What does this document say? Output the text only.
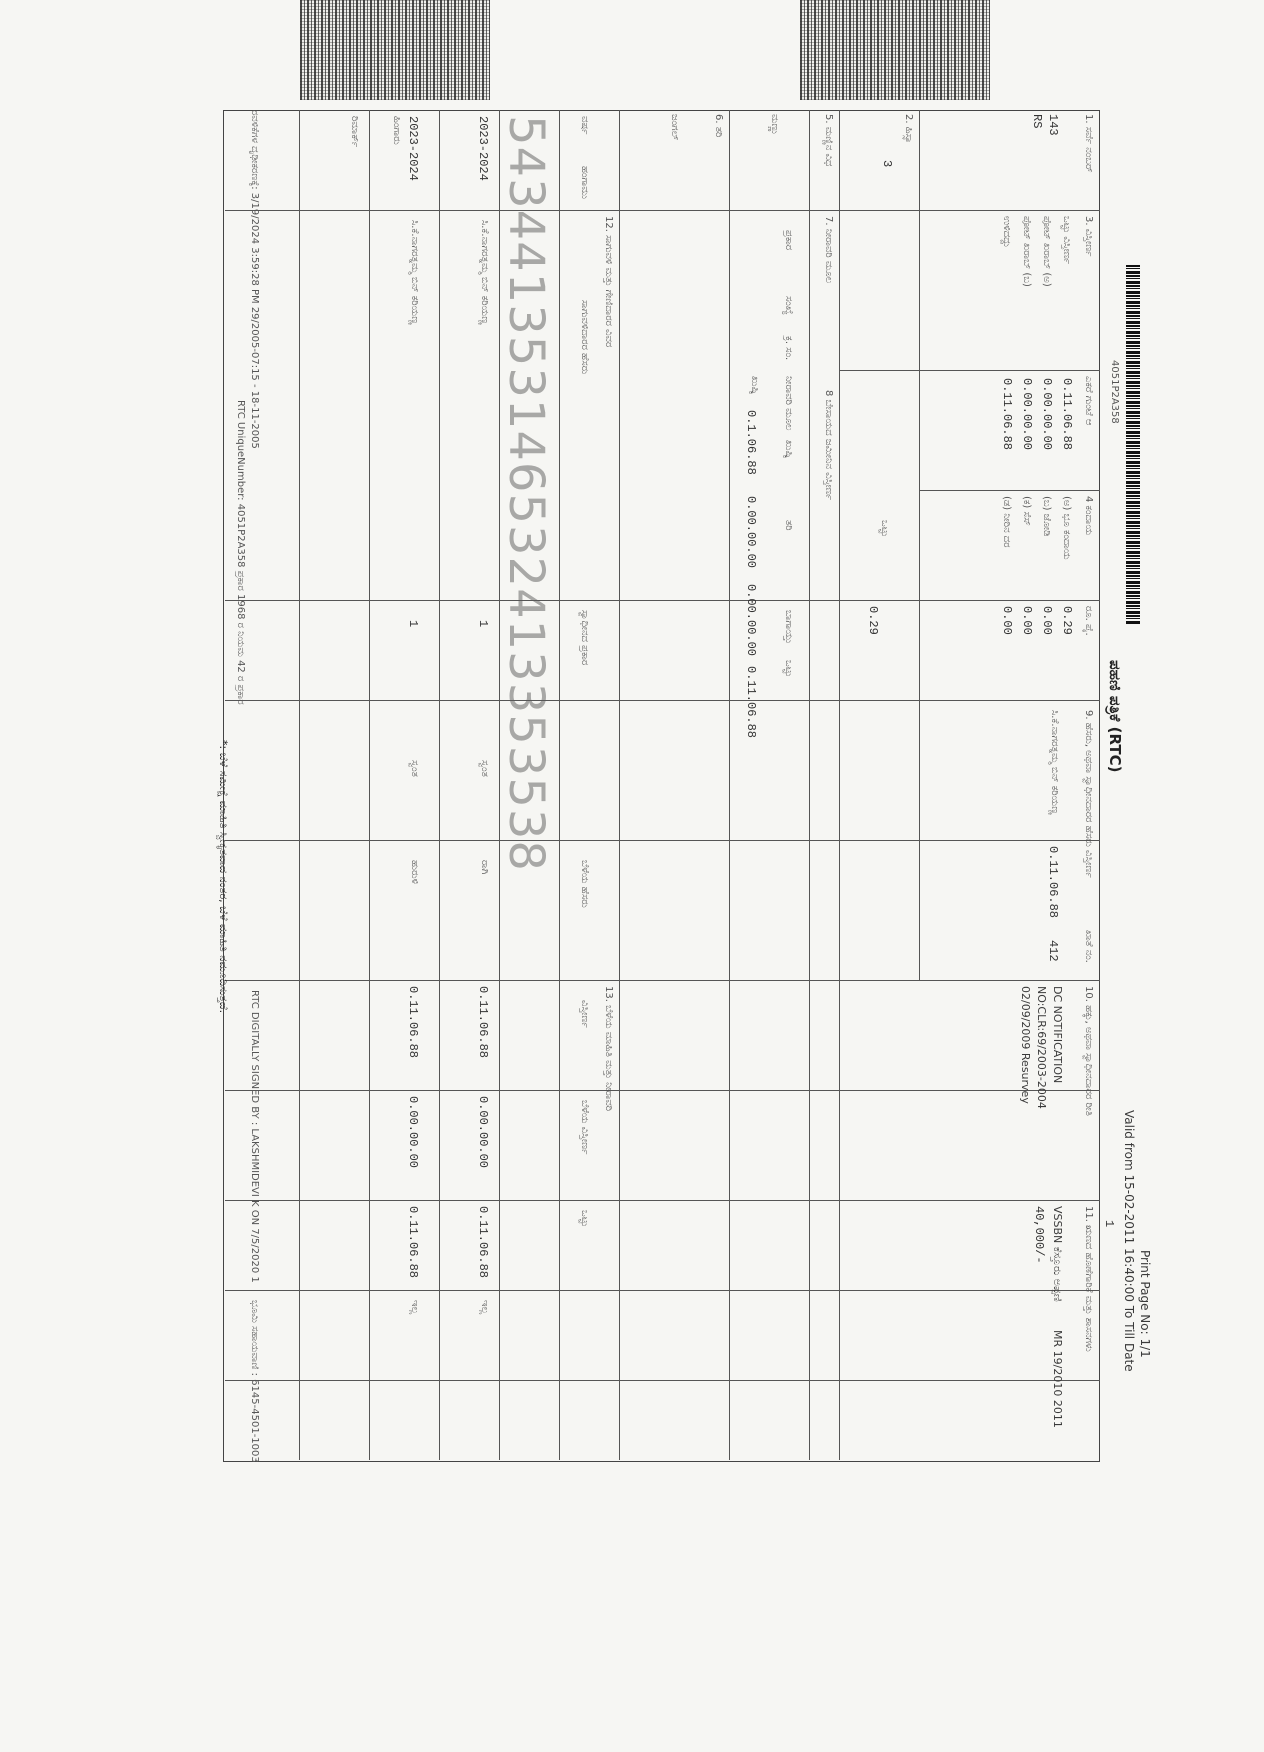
ಪಹಣಿ ಪತ್ರಿಕೆ (RTC)
4051P2A358
Print Page No: 1/1
Valid from 15-02-2011 16:40:00 To Till Date
1
1. ಸರ್ವೆ ನಂಬರ್
143
RS
2. ಹಿಸ್ಸಾ
3
5. ಮಣ್ಣಿನ ವಿಧ
ಮಣ್ಣು
6. ತರಿ
ಜಂಗಲ್
3. ವಿಸ್ತೀರ್ಣ
ಎಕರೆ ಗುಂಟೆ ಆ
ಒಟ್ಟು ವಿಸ್ತೀರ್ಣ
0.11.06.88
ಪೋಟ್ ಖರಾಬ್ (ಅ)
0.00.00.00
ಪೋಟ್ ಖರಾಬ್ (ಬ)
0.00.00.00
ಉಳಿದದ್ದು
0.11.06.88
4 ಕಂದಾಯ
ರೂ. ಪೈ.
(ಅ) ಭೂ ಕಂದಾಯ
0.29
(ಬ) ಜೋಡಿ
0.00
(ಕ) ಸೆಸ್
0.00
(ಡ) ನೀರಿನ ದರ
0.00
ಒಟ್ಟು
0.29
7. ನೀರಾವರಿ ಮೂಲ
8 ಬೇಸಾಯದ ಜಮೀನಿನ ವಿಸ್ತೀರ್ಣ
ಪ್ರಕಾರ
ಸಂಖ್ಯೆ
ಕ್ರ. ಸಂ.
ನೀರಾವರಿ ಮೂಲ
ಖುಷ್ಕಿ
ತರಿ
ಬಾಗಾಯ್ತು
ಒಟ್ಟು
ಖುಷ್ಕಿ
0.1.06.88
0.00.00.00
0.00.00.00
0.11.06.88
9. ಹೆಸರು, ಅಥವಾ ಸ್ವಾಧೀನದಾರರ ಹೆಸರು
ಸಿ.ಕೆ.ನಾಗರತ್ನಮ್ಮ ಬಿನ್ ಕರಿಯಣ್ಣ
ವಿಸ್ತೀರ್ಣ
0.11.06.88
ಖಾತೆ ನಂ.
412
10. ಹಕ್ಕು, ಅಥವಾ ಸ್ವಾಧೀನದಾರರ ರೀತಿ
DC NOTIFICATION
NO:CLR:69/2003-2004
02/09/2009 Resurvey
11. ಋಣದ ಹೊಣೆಗಾರಿಕೆ ಮತ್ತು ಶಾಸನಗಳು
VSSBN ಕೆಸ್ತೂರು ಅಪ್ಪಣಿ
40,000/-
MR 19/2010 2011
12. ಸಾಗುವಳಿ ಮತ್ತು ಗೇಣಿದಾರರ ವಿವರ
13. ಬೆಳೆಯ ಮಾಹಿತಿ ಮತ್ತು ನೀರಾವರಿ
ವರ್ಷ
ಹಂಗಾಮು
ಸಾಗುವಳಿದಾರರ ಹೆಸರು
ಸ್ವಾಧೀನದ ಪ್ರಕಾರ
ಬೆಳೆಯ ಹೆಸರು
ವಿಸ್ತೀರ್ಣ
ಬೆಳೆಯ ವಿಸ್ತೀರ್ಣ
ಒಟ್ಟು
543441353146532413353538
2023-2024
ಸಿ.ಕೆ.ನಾಗರತ್ನಮ್ಮ ಬಿನ್ ಕರಿಯಣ್ಣ
1
ಸ್ವಂತ
ರಾಗಿ
0.11.06.88
0.00.00.00
0.11.06.88
ಇಲ್ಲ
2023-2024
ಹಿಂಗಾರು
ಸಿ.ಕೆ.ನಾಗರತ್ನಮ್ಮ ಬಿನ್ ಕರಿಯಣ್ಣ
1
ಸ್ವಂತ
ಹುರುಳಿ
0.11.06.88
0.00.00.00
0.11.06.88
ಇಲ್ಲ
ರಿಮಾರ್ಕ್
ರವಳಿಕೆಗಳ ದೃಢೀಕರಣಕ್ಕೆ: 3/19/2024 3:59:28 PM 29/2005-07:15 - 18-11-2005
RTC UniqueNumber: 4051P2A358 ಪ್ರಕಾರ 1968 ರ ನಿಯಮ 42 ರ ಪ್ರಕಾರ
RTC DIGITALLY SIGNED BY : LAKSHMIDEVI K ON 7/5/2020 1
ಭೂಮಿ ಸಹಾಯವಾಣಿ : 6145-4501-1003
*: ಬೆಳೆ ಸಮೀಕ್ಷೆ ಮಾಹಿತಿ ಸ್ವೀಕೃತವಾದ ನಂತರ, ಬೆಳೆ ಮಾಹಿತಿ ನಮೂದಿಸುತ್ತದೆ.
